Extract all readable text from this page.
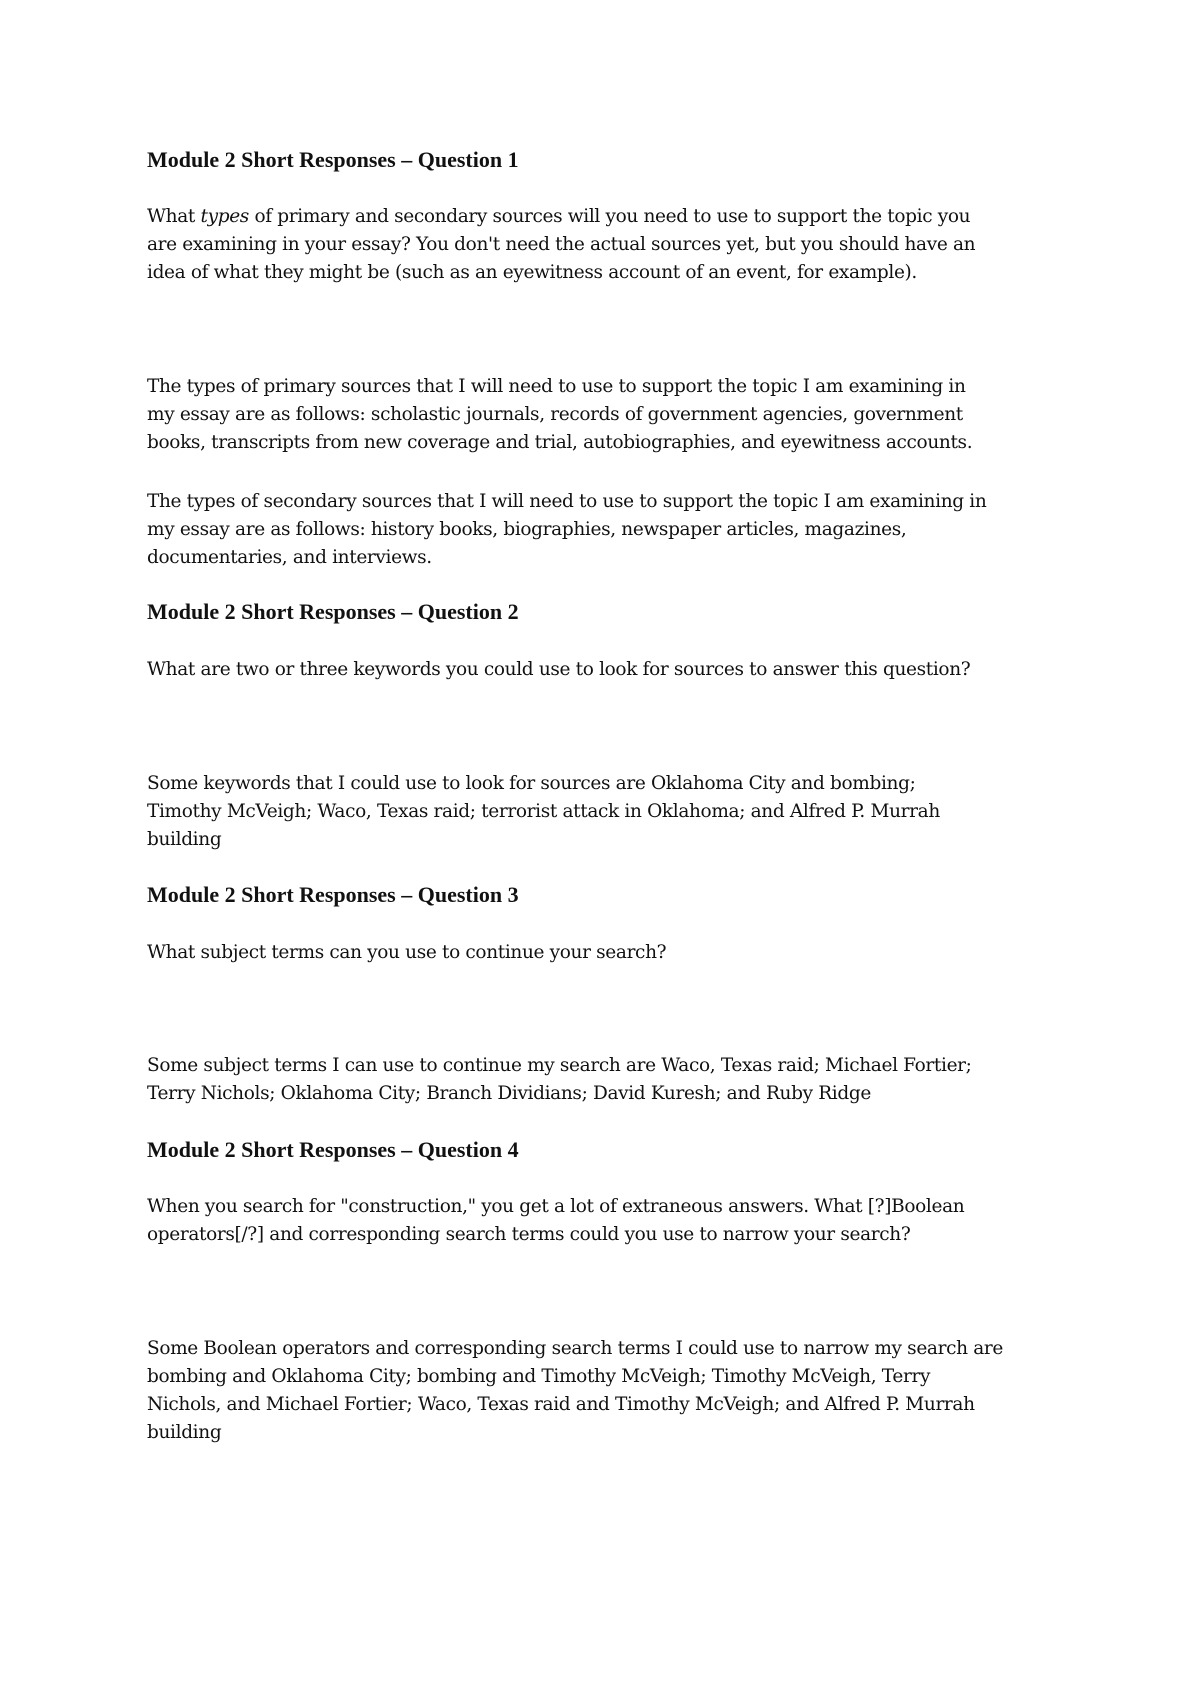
Module 2 Short Responses – Question 1

What types of primary and secondary sources will you need to use to support the topic you
are examining in your essay? You don't need the actual sources yet, but you should have an
idea of what they might be (such as an eyewitness account of an event, for example).

The types of primary sources that I will need to use to support the topic I am examining in
my essay are as follows: scholastic journals, records of government agencies, government
books, transcripts from new coverage and trial, autobiographies, and eyewitness accounts.

The types of secondary sources that I will need to use to support the topic I am examining in
my essay are as follows: history books, biographies, newspaper articles, magazines,
documentaries, and interviews.

Module 2 Short Responses – Question 2

What are two or three keywords you could use to look for sources to answer this question?

Some keywords that I could use to look for sources are Oklahoma City and bombing;
Timothy McVeigh; Waco, Texas raid; terrorist attack in Oklahoma; and Alfred P. Murrah
building

Module 2 Short Responses – Question 3

What subject terms can you use to continue your search?

Some subject terms I can use to continue my search are Waco, Texas raid; Michael Fortier;
Terry Nichols; Oklahoma City; Branch Dividians; David Kuresh; and Ruby Ridge

Module 2 Short Responses – Question 4

When you search for "construction," you get a lot of extraneous answers. What [?]Boolean
operators[/?] and corresponding search terms could you use to narrow your search?

Some Boolean operators and corresponding search terms I could use to narrow my search are
bombing and Oklahoma City; bombing and Timothy McVeigh; Timothy McVeigh, Terry
Nichols, and Michael Fortier; Waco, Texas raid and Timothy McVeigh; and Alfred P. Murrah
building
